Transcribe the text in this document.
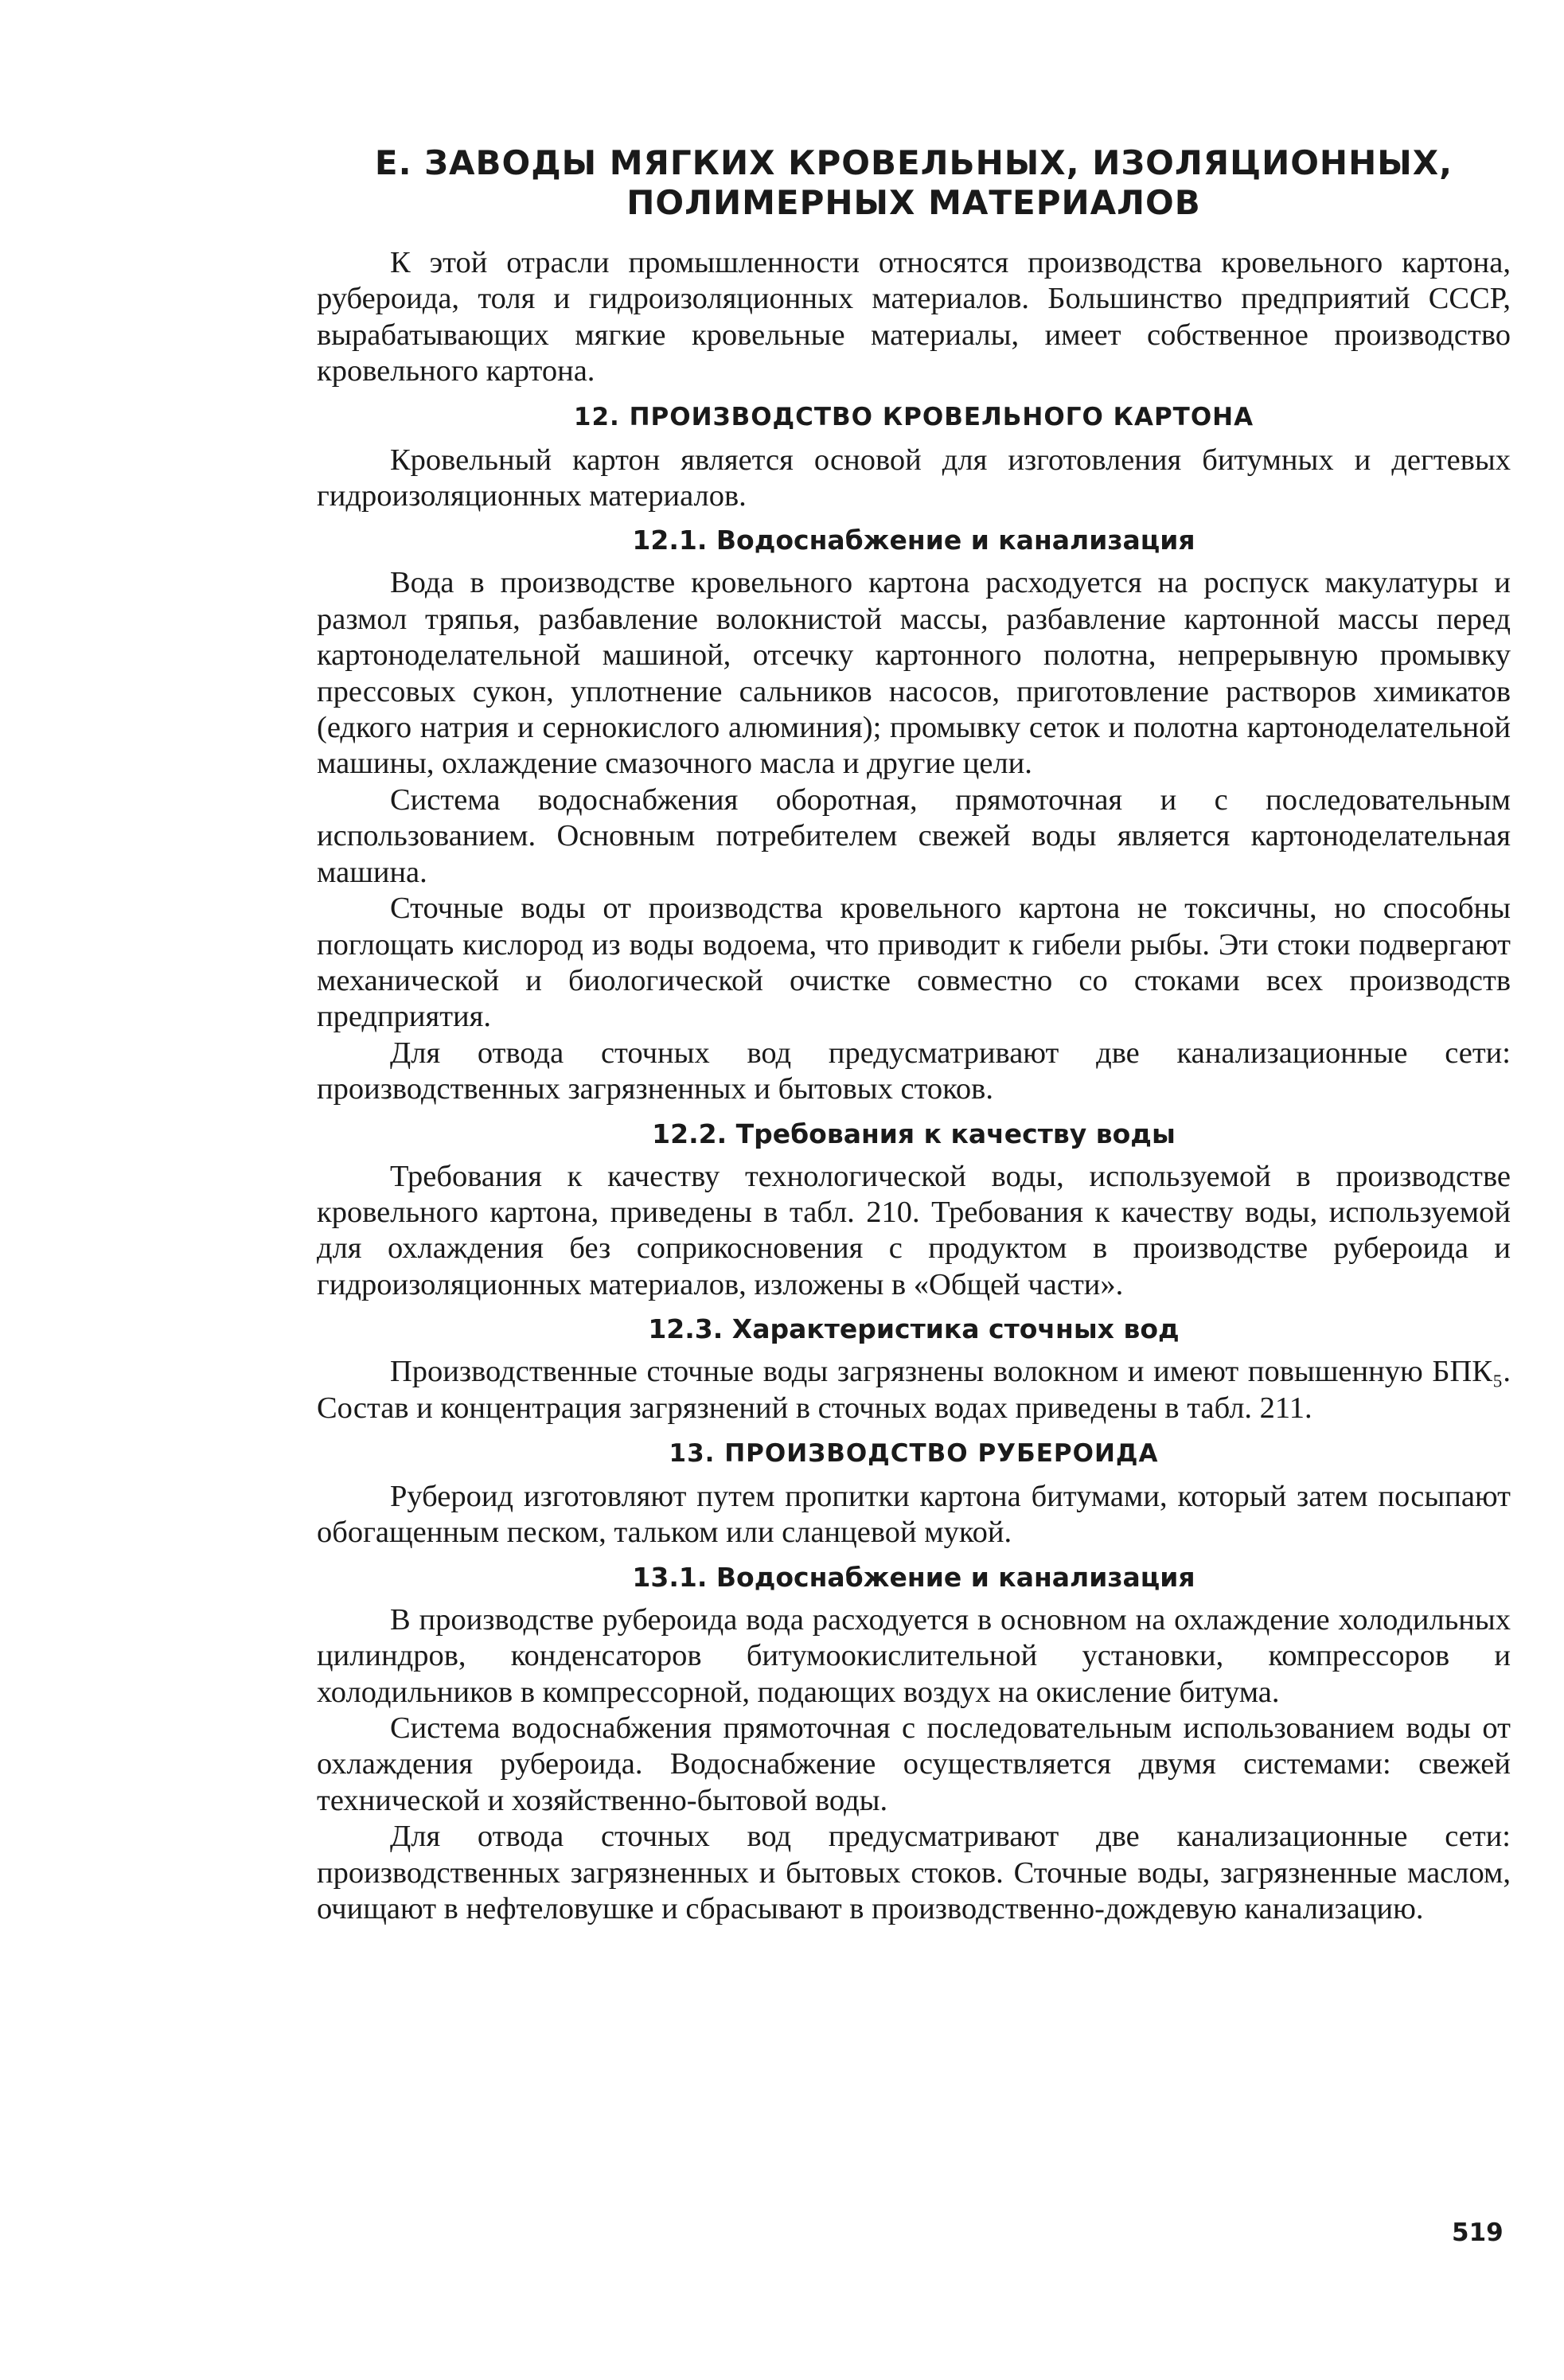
Е. ЗАВОДЫ МЯГКИХ КРОВЕЛЬНЫХ, ИЗОЛЯЦИОННЫХ,
ПОЛИМЕРНЫХ МАТЕРИАЛОВ

К этой отрасли промышленности относятся производства кровельного картона, рубероида, толя и гидроизоляционных материалов. Большинство предприятий СССР, вырабатывающих мягкие кровельные материалы, имеет собственное производство кровельного картона.

12. ПРОИЗВОДСТВО КРОВЕЛЬНОГО КАРТОНА

Кровельный картон является основой для изготовления битумных и дегтевых гидроизоляционных материалов.

12.1. Водоснабжение и канализация

Вода в производстве кровельного картона расходуется на роспуск макулатуры и размол тряпья, разбавление волокнистой массы, разбавление картонной массы перед картоноделательной машиной, отсечку картонного полотна, непрерывную промывку прессовых сукон, уплотнение сальников насосов, приготовление растворов химикатов (едкого натрия и сернокислого алюминия); промывку сеток и полотна картоноделательной машины, охлаждение смазочного масла и другие цели.

Система водоснабжения оборотная, прямоточная и с последовательным использованием. Основным потребителем свежей воды является картоноделательная машина.

Сточные воды от производства кровельного картона не токсичны, но способны поглощать кислород из воды водоема, что приводит к гибели рыбы. Эти стоки подвергают механической и биологической очистке совместно со стоками всех производств предприятия.

Для отвода сточных вод предусматривают две канализационные сети: производственных загрязненных и бытовых стоков.

12.2. Требования к качеству воды

Требования к качеству технологической воды, используемой в производстве кровельного картона, приведены в табл. 210. Требования к качеству воды, используемой для охлаждения без соприкосновения с продуктом в производстве рубероида и гидроизоляционных материалов, изложены в «Общей части».

12.3. Характеристика сточных вод

Производственные сточные воды загрязнены волокном и имеют повышенную БПК₅. Состав и концентрация загрязнений в сточных водах приведены в табл. 211.

13. ПРОИЗВОДСТВО РУБЕРОИДА

Рубероид изготовляют путем пропитки картона битумами, который затем посыпают обогащенным песком, тальком или сланцевой мукой.

13.1. Водоснабжение и канализация

В производстве рубероида вода расходуется в основном на охлаждение холодильных цилиндров, конденсаторов битумоокислительной установки, компрессоров и холодильников в компрессорной, подающих воздух на окисление битума.

Система водоснабжения прямоточная с последовательным использованием воды от охлаждения рубероида. Водоснабжение осуществляется двумя системами: свежей технической и хозяйственно-бытовой воды.

Для отвода сточных вод предусматривают две канализационные сети: производственных загрязненных и бытовых стоков. Сточные воды, загрязненные маслом, очищают в нефтеловушке и сбрасывают в производственно-дождевую канализацию.

519
